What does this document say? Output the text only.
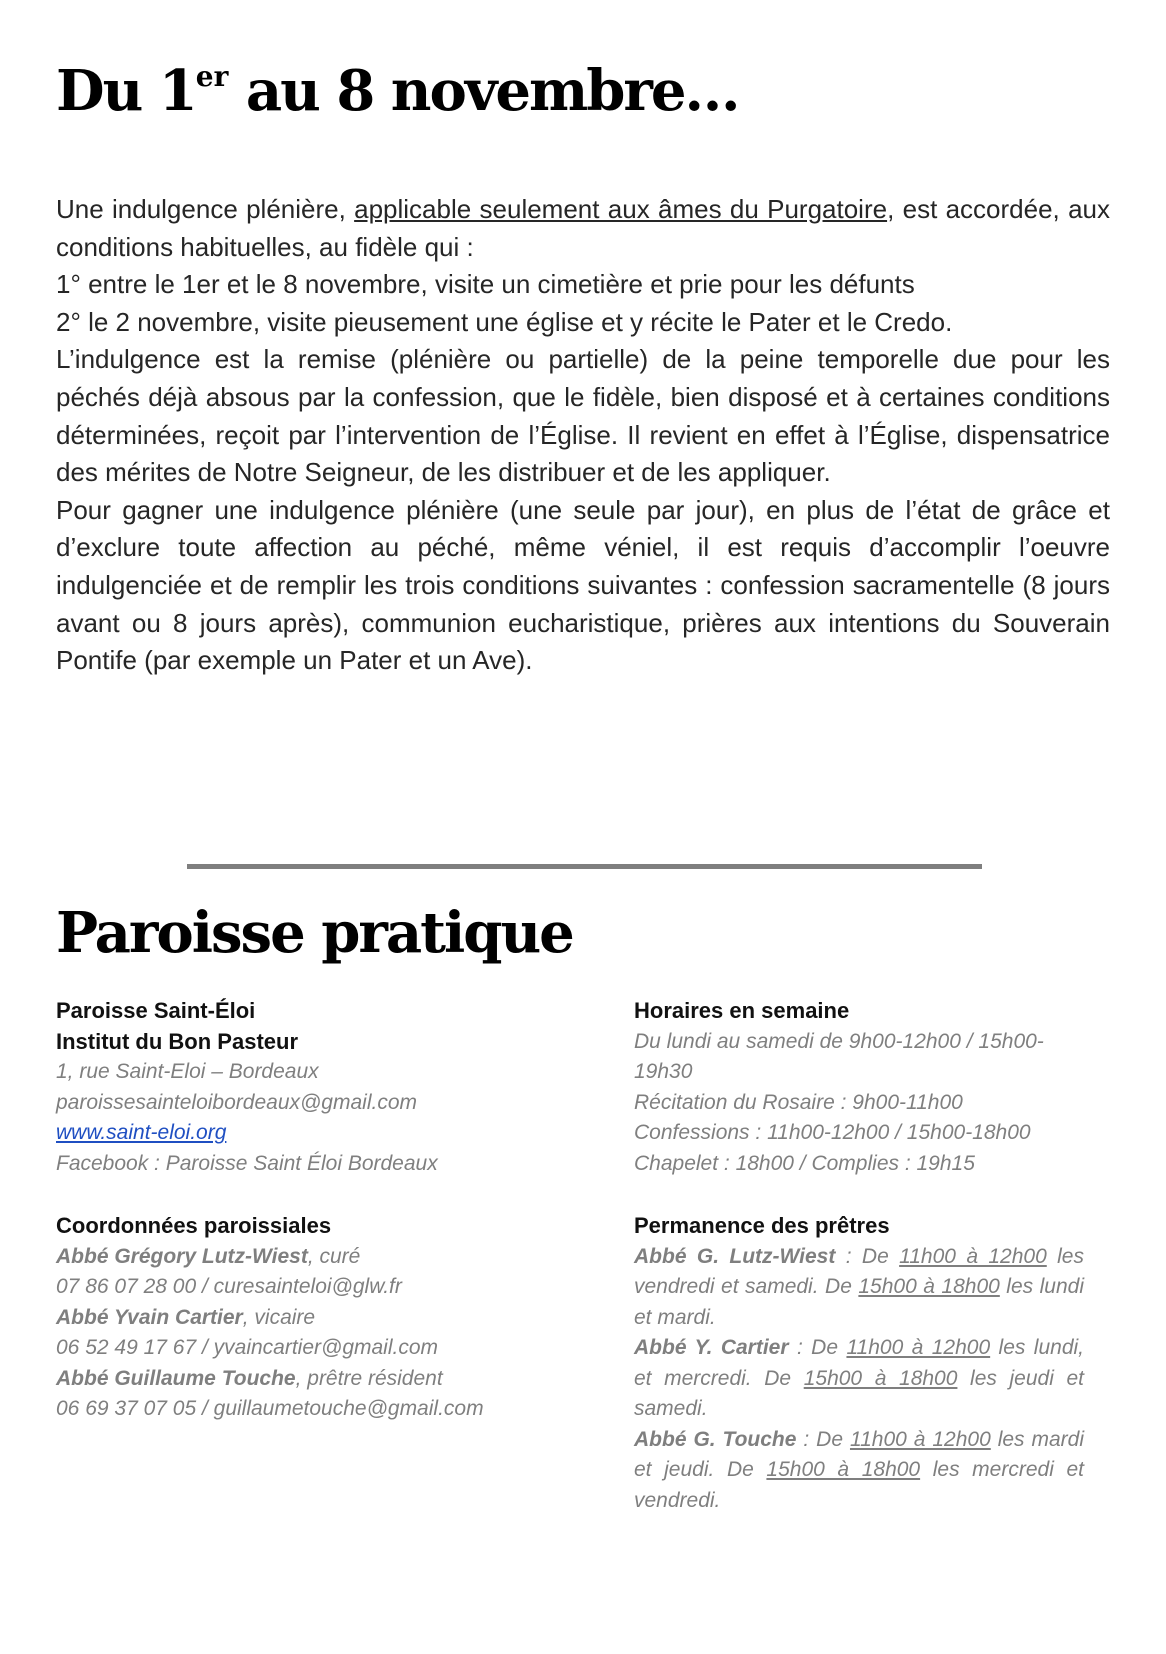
Du 1er au 8 novembre…

Une indulgence plénière, applicable seulement aux âmes du Purgatoire, est accordée, aux conditions habituelles, au fidèle qui :

1° entre le 1er et le 8 novembre, visite un cimetière et prie pour les défunts

2° le 2 novembre, visite pieusement une église et y récite le Pater et le Credo.

L’indulgence est la remise (plénière ou partielle) de la peine temporelle due pour les péchés déjà absous par la confession, que le fidèle, bien disposé et à certaines conditions déterminées, reçoit par l’intervention de l’Église. Il revient en effet à l’Église, dispensatrice des mérites de Notre Seigneur, de les distribuer et de les appliquer.

Pour gagner une indulgence plénière (une seule par jour), en plus de l’état de grâce et d’exclure toute affection au péché, même véniel, il est requis d’accomplir l’oeuvre indulgenciée et de remplir les trois conditions suivantes : confession sacramentelle (8 jours avant ou 8 jours après), communion eucharistique, prières aux intentions du Souverain Pontife (par exemple un Pater et un Ave).

Paroisse pratique

Paroisse Saint-Éloi

Institut du Bon Pasteur

1, rue Saint-Eloi – Bordeaux

paroissesainteloibordeaux@gmail.com

www.saint-eloi.org

Facebook : Paroisse Saint Éloi Bordeaux

Coordonnées paroissiales

Abbé Grégory Lutz-Wiest, curé

07 86 07 28 00 / curesainteloi@glw.fr

Abbé Yvain Cartier, vicaire

06 52 49 17 67 / yvaincartier@gmail.com

Abbé Guillaume Touche, prêtre résident

06 69 37 07 05 / guillaumetouche@gmail.com

Horaires en semaine

Du lundi au samedi de 9h00-12h00 / 15h00-19h30

Récitation du Rosaire : 9h00-11h00

Confessions : 11h00-12h00 / 15h00-18h00

Chapelet : 18h00 / Complies : 19h15

Permanence des prêtres

Abbé G. Lutz-Wiest : De 11h00 à 12h00 les vendredi et samedi. De 15h00 à 18h00 les lundi et mardi.

Abbé Y. Cartier : De 11h00 à 12h00 les lundi, et mercredi. De 15h00 à 18h00 les jeudi et samedi.

Abbé G. Touche : De 11h00 à 12h00 les mardi et jeudi. De 15h00 à 18h00 les mercredi et vendredi.
